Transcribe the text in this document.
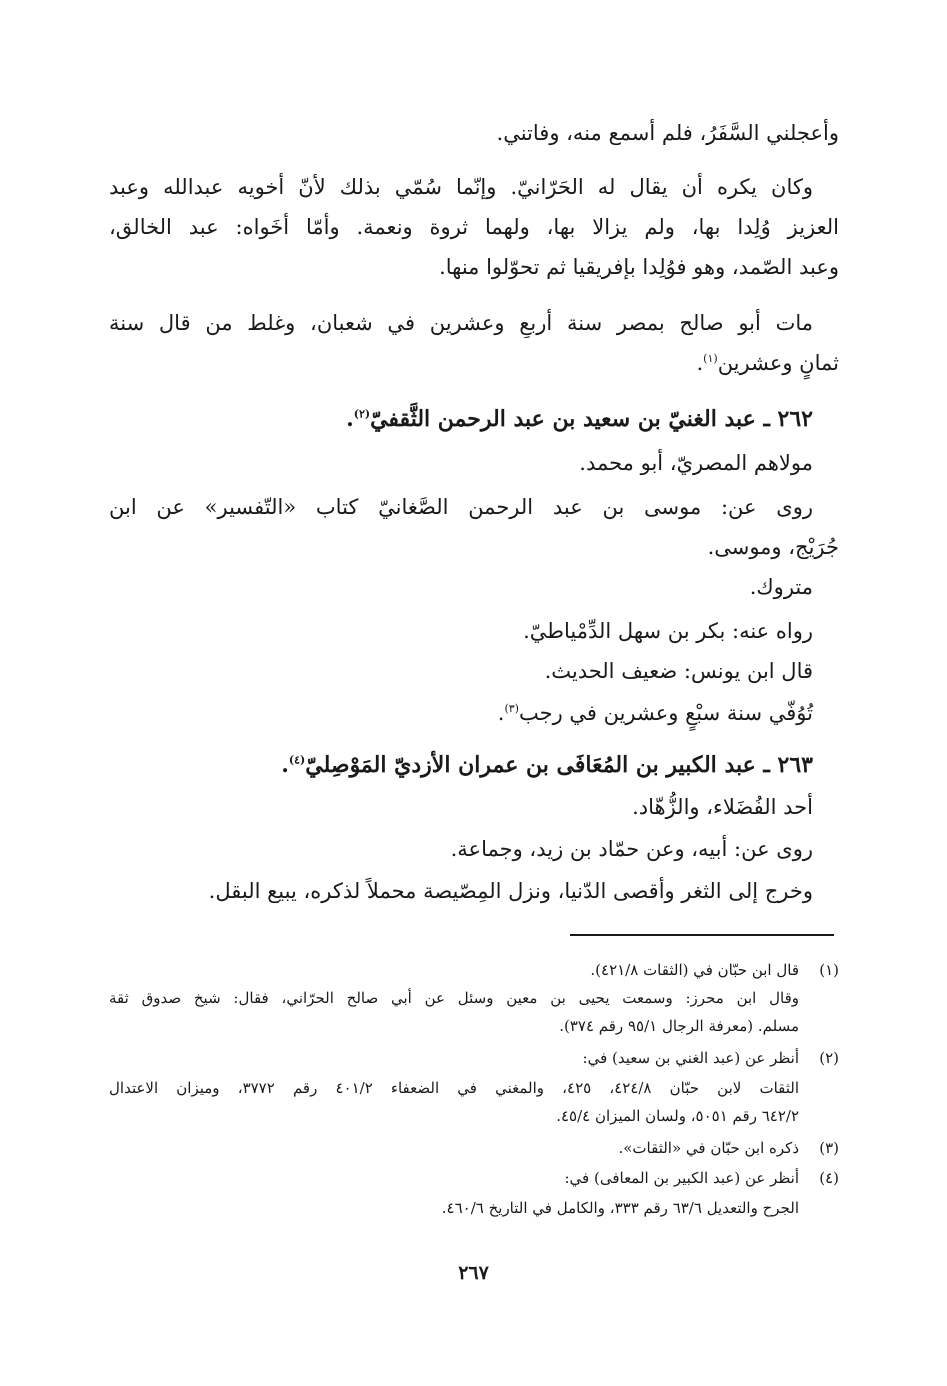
وأعجلني السَّفَرُ، فلم أسمع منه، وفاتني.

وكان يكره أن يقال له الحَرّانيّ. وإنّما سُمّي بذلك لأنّ أخويه عبدالله وعبد

العزيز وُلِدا بها، ولم يزالا بها، ولهما ثروة ونعمة. وأمّا أخَواه: عبد الخالق،

وعبد الصّمد، وهو فوُلِدا بإفريقيا ثم تحوّلوا منها.

مات أبو صالح بمصر سنة أربعٍ وعشرين في شعبان، وغلط من قال سنة

ثمانٍ وعشرين$^{(١)}$.

٢٦٢ ـ عبد الغنيّ بن سعيد بن عبد الرحمن الثَّقفيّ$^{(٢)}$.

مولاهم المصريّ، أبو محمد.

روى عن: موسى بن عبد الرحمن الصَّغانيّ كتاب «التّفسير» عن ابن

جُرَيْج، وموسى.

متروك.

رواه عنه: بكر بن سهل الدِّمْياطيّ.

قال ابن يونس: ضعيف الحديث.

تُوُفّي سنة سبْعٍ وعشرين في رجب$^{(٣)}$.

٢٦٣ ـ عبد الكبير بن المُعَافَى بن عمران الأزديّ المَوْصِليّ$^{(٤)}$.

أحد الفُضَلاء، والزُّهّاد.

روى عن: أبيه، وعن حمّاد بن زيد، وجماعة.

وخرج إلى الثغر وأقصى الدّنيا، ونزل المِصّيصة محملاً لذكره، يبيع البقل.

(١)قال ابن حبّان في (الثقات ٤٢١/٨).
وقال ابن محرز: وسمعت يحيى بن معين وسئل عن أبي صالح الحرّاني، فقال: شيخ صدوق ثقة
مسلم. (معرفة الرجال ٩٥/١ رقم ٣٧٤).
(٢)أنظر عن (عبد الغني بن سعيد) في:
الثقات لابن حبّان ٤٢٤/٨، ٤٢٥، والمغني في الضعفاء ٤٠١/٢ رقم ٣٧٧٢، وميزان الاعتدال
٦٤٢/٢ رقم ٥٠٥١، ولسان الميزان ٤٥/٤.
(٣)ذكره ابن حبّان في «الثقات».
(٤)أنظر عن (عبد الكبير بن المعافى) في:
الجرح والتعديل ٦٣/٦ رقم ٣٣٣، والكامل في التاريخ ٤٦٠/٦.
٢٦٧
